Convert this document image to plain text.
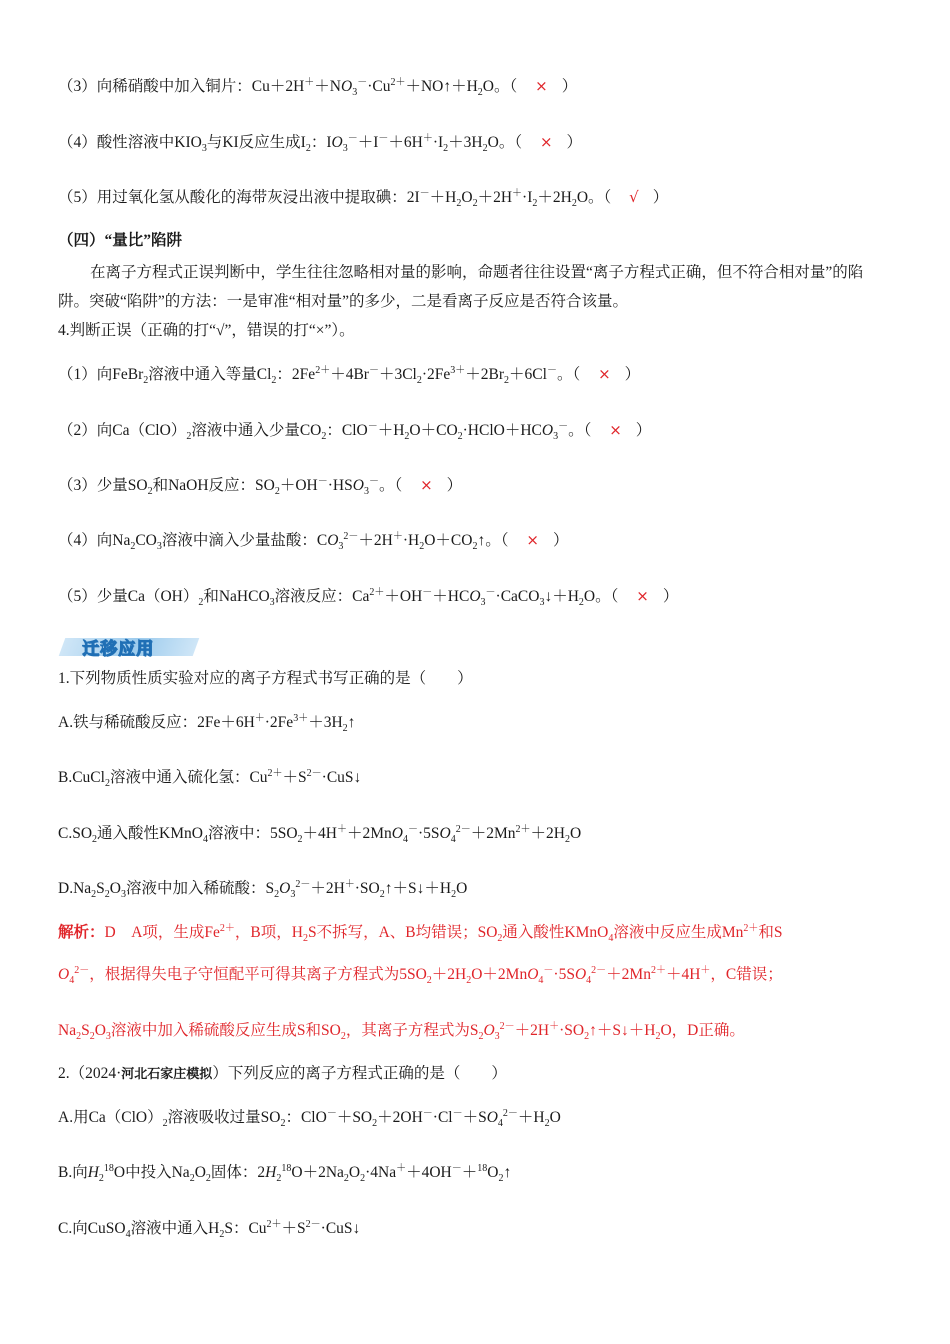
（3）向稀硝酸中加入铜片：$Cu+2H^++NO_3^-\cdot Cu^{2+}+NO↑+H_2O$。（ × ）
（4）酸性溶液中$KIO_3$与KI反应生成$I_2$：$IO_3^-+I^-+6H^+\cdot I_2+3H_2O$。（ × ）
（5）用过氧化氢从酸化的海带灰浸出液中提取碘：$2I^-+H_2O_2+2H^+\cdot I_2+2H_2O$。（ √ ）
（四）“量比”陷阱
在离子方程式正误判断中，学生往往忽略相对量的影响，命题者往往设置“离子方程式正确，但不符合相对量”的陷阱。突破“陷阱”的方法：一是审准“相对量”的多少，二是看离子反应是否符合该量。
4.判断正误（正确的打“√”，错误的打“×”）。
（1）向FeBr$_2$溶液中通入等量$Cl_2$：$2Fe^{2+}+4Br^-+3Cl_2\cdot 2Fe^{3+}+2Br_2+6Cl^-$。（ × ）
（2）向$Ca(ClO)_2$溶液中通入少量$CO_2$：$ClO^-+H_2O+CO_2\cdot HClO+HCO_3^-$。（ × ）
（3）少量$SO_2$和NaOH反应：$SO_2+OH^-\cdot HSO_3^-$。（ × ）
（4）向$Na_2CO_3$溶液中滴入少量盐酸：$CO_3^{2-}+2H^+\cdot H_2O+CO_2↑$。（ × ）
（5）少量$Ca(OH)_2$和NaHCO$_3$溶液反应：$Ca^{2+}+OH^-+HCO_3^-\cdot CaCO_3↓+H_2O$。（ × ）
迁移应用
1.下列物质性质实验对应的离子方程式书写正确的是（　　）
A.铁与稀硫酸反应：$2Fe+6H^+\cdot 2Fe^{3+}+3H_2↑$
B.CuCl$_2$溶液中通入硫化氢：$Cu^{2+}+S^{2-}\cdot CuS↓$
$C.SO_2$通入酸性KMnO$_4$溶液中：$5SO_2+4H^++2MnO_4^-\cdot 5SO_4^{2-}+2Mn^{2+}+2H_2O$
$D.Na_2S_2O_3$溶液中加入稀硫酸：$S_2O_3^{2-}+2H^+\cdot SO_2↑+S↓+H_2O$
解析：D　A项，生成$Fe^{2+}$，B项，$H_2S$不拆写，A、B均错误；$SO_2$通入酸性KMnO$_4$溶液中反应生成$Mn^{2+}$和S
$O_4^{2-}$，根据得失电子守恒配平可得其离子方程式为$5SO_2+2H_2O+2MnO_4^-\cdot 5SO_4^{2-}+2Mn^{2+}+4H^+$，C错误；
$Na_2S_2O_3$溶液中加入稀硫酸反应生成S和$SO_2$，其离子方程式为$S_2O_3^{2-}+2H^+\cdot SO_2↑+S↓+H_2O$，D正确。
2.（2024·河北石家庄模拟）下列反应的离子方程式正确的是（　　）
A.用$Ca(ClO)_2$溶液吸收过量$SO_2$：$ClO^-+SO_2+2OH^-\cdot Cl^-+SO_4^{2-}+H_2O$
B.向$H_2^{18}O$中投入$Na_2O_2$固体：$2H_2^{18}O+2Na_2O_2\cdot 4Na^++4OH^-+^{18}O_2↑$
C.向CuSO$_4$溶液中通入$H_2S$：$Cu^{2+}+S^{2-}\cdot CuS↓$
